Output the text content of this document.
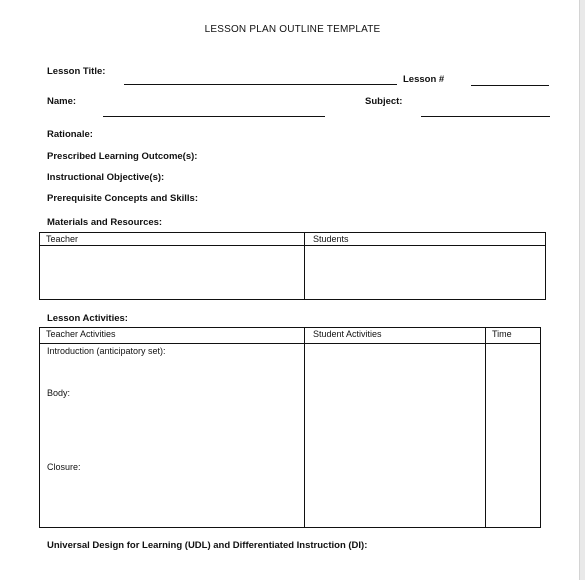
LESSON PLAN OUTLINE TEMPLATE
Lesson Title:
Lesson #
Name:	Subject:
Rationale:
Prescribed Learning Outcome(s):
Instructional Objective(s):
Prerequisite Concepts and Skills:
Materials and Resources:
Teacher	Students
Lesson Activities:
Teacher Activities	Student Activities	Time
Introduction (anticipatory set):
Body:
Closure:
Universal Design for Learning (UDL) and Differentiated Instruction (DI):
